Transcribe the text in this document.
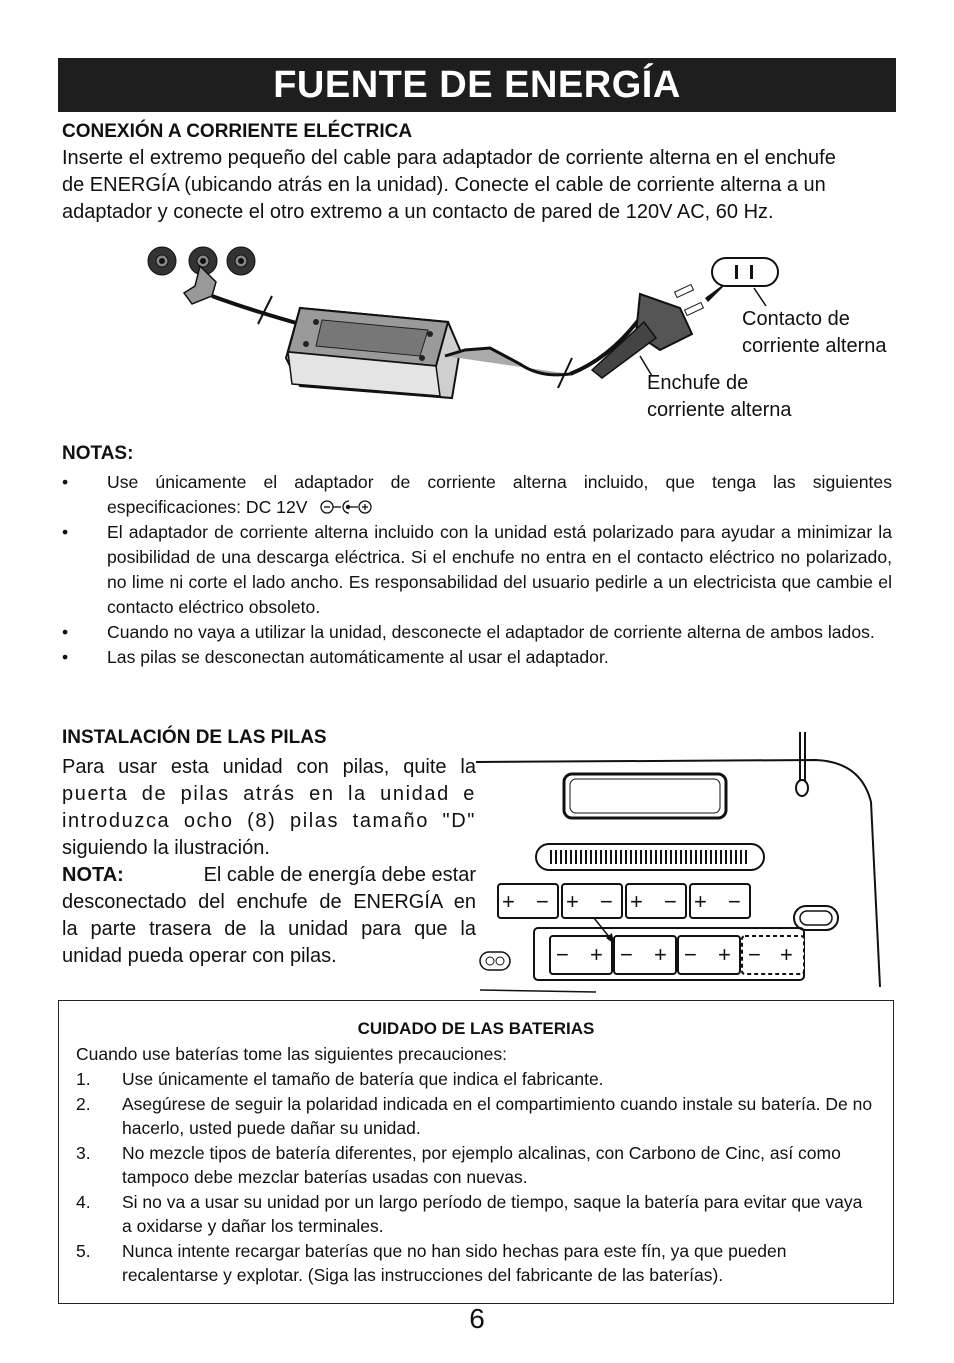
FUENTE DE ENERGÍA
CONEXIÓN A CORRIENTE ELÉCTRICA
Inserte el extremo pequeño del cable para adaptador de corriente alterna en el enchufe
de ENERGÍA (ubicando atrás en la unidad). Conecte el cable de corriente alterna a un
adaptador y conecte el otro extremo a un contacto de pared de 120V AC, 60 Hz.
Contacto de
corriente alterna
Enchufe de
corriente alterna
NOTAS:
•	Use únicamente el adaptador de corriente alterna incluido, que tenga las siguientes especificaciones: DC 12V
•	El adaptador de corriente alterna incluido con la unidad está polarizado para ayudar a minimizar la posibilidad de una descarga eléctrica. Si el enchufe no entra en el contacto eléctrico no polarizado, no lime ni corte el lado ancho. Es responsabilidad del usuario pedirle a un electricista que cambie el contacto eléctrico obsoleto.
•	Cuando no vaya a utilizar la unidad, desconecte el adaptador de corriente alterna de ambos lados.
•	Las pilas se desconectan automáticamente al usar el adaptador.
INSTALACIÓN DE LAS PILAS
Para usar esta unidad con pilas, quite la
puerta de pilas atrás en la unidad e
introduzca ocho (8) pilas tamaño "D"
siguiendo la ilustración.
NOTA:	El cable de energía debe estar
desconectado del enchufe de ENERGÍA en
la parte trasera de la unidad para que la
unidad pueda operar con pilas.
+ − + − + − + −
− + − + − + − +
CUIDADO DE LAS BATERIAS
Cuando use baterías tome las siguientes precauciones:
1.	Use únicamente el tamaño de batería que indica el fabricante.
2.	Asegúrese de seguir la polaridad indicada en el compartimiento cuando instale su batería. De no hacerlo, usted puede dañar su unidad.
3.	No mezcle tipos de batería diferentes, por ejemplo alcalinas, con Carbono de Cinc, así como tampoco debe mezclar baterías usadas con nuevas.
4.	Si no va a usar su unidad por un largo período de tiempo, saque la batería para evitar que vaya a oxidarse y dañar los terminales.
5.	Nunca intente recargar baterías que no han sido hechas para este fín, ya que pueden recalentarse y explotar. (Siga las instrucciones del fabricante de las baterías).
6
